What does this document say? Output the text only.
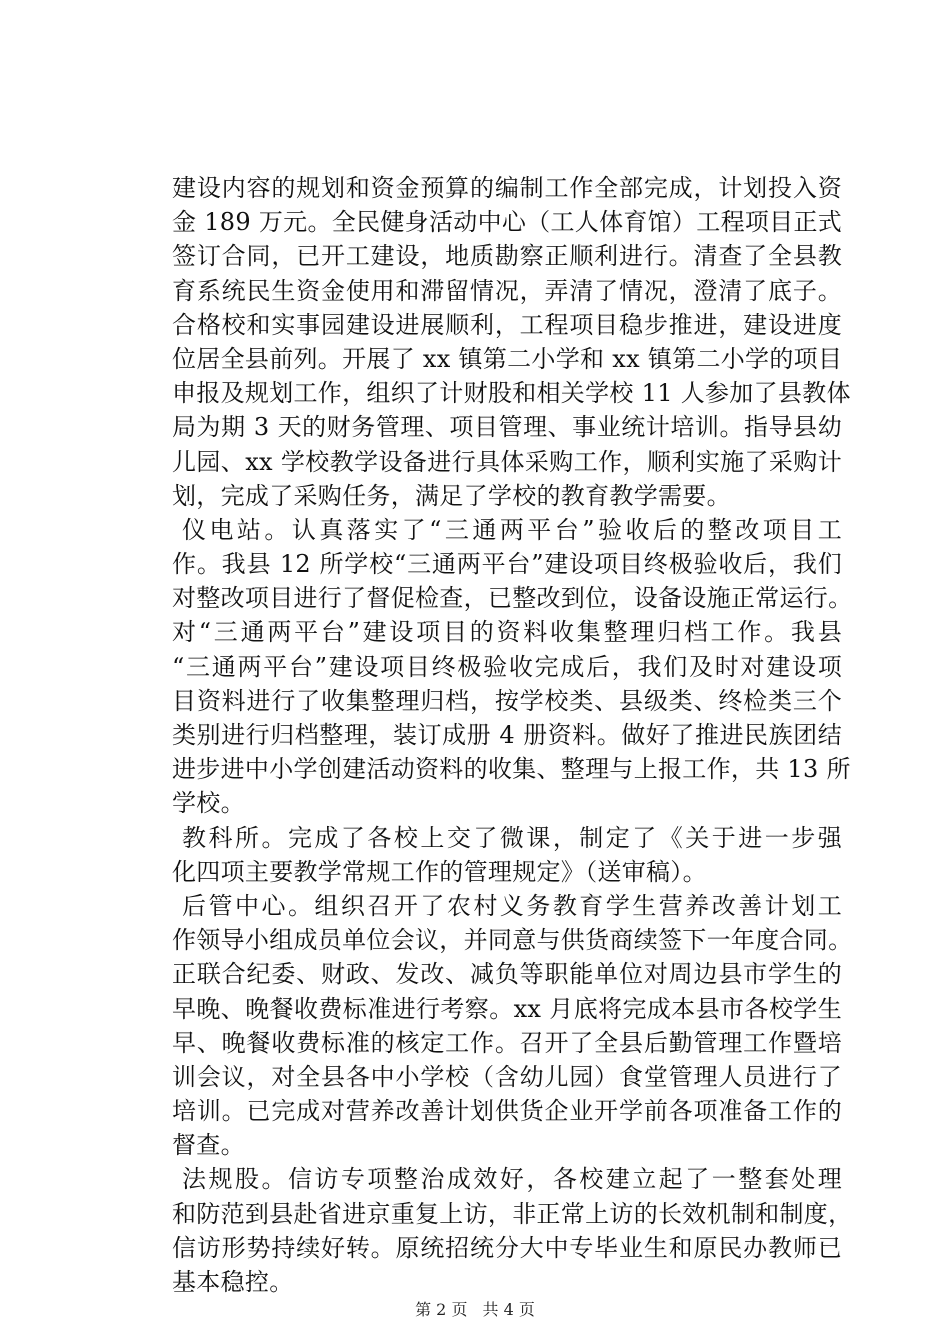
建设内容的规划和资金预算的编制工作全部完成，计划投入资
金 189 万元。全民健身活动中心（工人体育馆）工程项目正式
签订合同，已开工建设，地质勘察正顺利进行。清查了全县教
育系统民生资金使用和滞留情况，弄清了情况，澄清了底子。
合格校和实事园建设进展顺利，工程项目稳步推进，建设进度
位居全县前列。开展了 xx 镇第二小学和 xx 镇第二小学的项目
申报及规划工作，组织了计财股和相关学校 11 人参加了县教体
局为期 3 天的财务管理、项目管理、事业统计培训。指导县幼
儿园、xx 学校教学设备进行具体采购工作，顺利实施了采购计
划，完成了采购任务，满足了学校的教育教学需要。
仪电站。认真落实了“三通两平台”验收后的整改项目工
作。我县 12 所学校“三通两平台”建设项目终极验收后，我们
对整改项目进行了督促检查，已整改到位，设备设施正常运行。
对“三通两平台”建设项目的资料收集整理归档工作。我县
“三通两平台”建设项目终极验收完成后，我们及时对建设项
目资料进行了收集整理归档，按学校类、县级类、终检类三个
类别进行归档整理，装订成册 4 册资料。做好了推进民族团结
进步进中小学创建活动资料的收集、整理与上报工作，共 13 所
学校。
教科所。完成了各校上交了微课，制定了《关于进一步强
化四项主要教学常规工作的管理规定》（送审稿）。
后管中心。组织召开了农村义务教育学生营养改善计划工
作领导小组成员单位会议，并同意与供货商续签下一年度合同。
正联合纪委、财政、发改、减负等职能单位对周边县市学生的
早晚、晚餐收费标准进行考察。xx 月底将完成本县市各校学生
早、晚餐收费标准的核定工作。召开了全县后勤管理工作暨培
训会议，对全县各中小学校（含幼儿园）食堂管理人员进行了
培训。已完成对营养改善计划供货企业开学前各项准备工作的
督查。
法规股。信访专项整治成效好，各校建立起了一整套处理
和防范到县赴省进京重复上访，非正常上访的长效机制和制度，
信访形势持续好转。原统招统分大中专毕业生和原民办教师已
基本稳控。
第 2 页 共 4 页
